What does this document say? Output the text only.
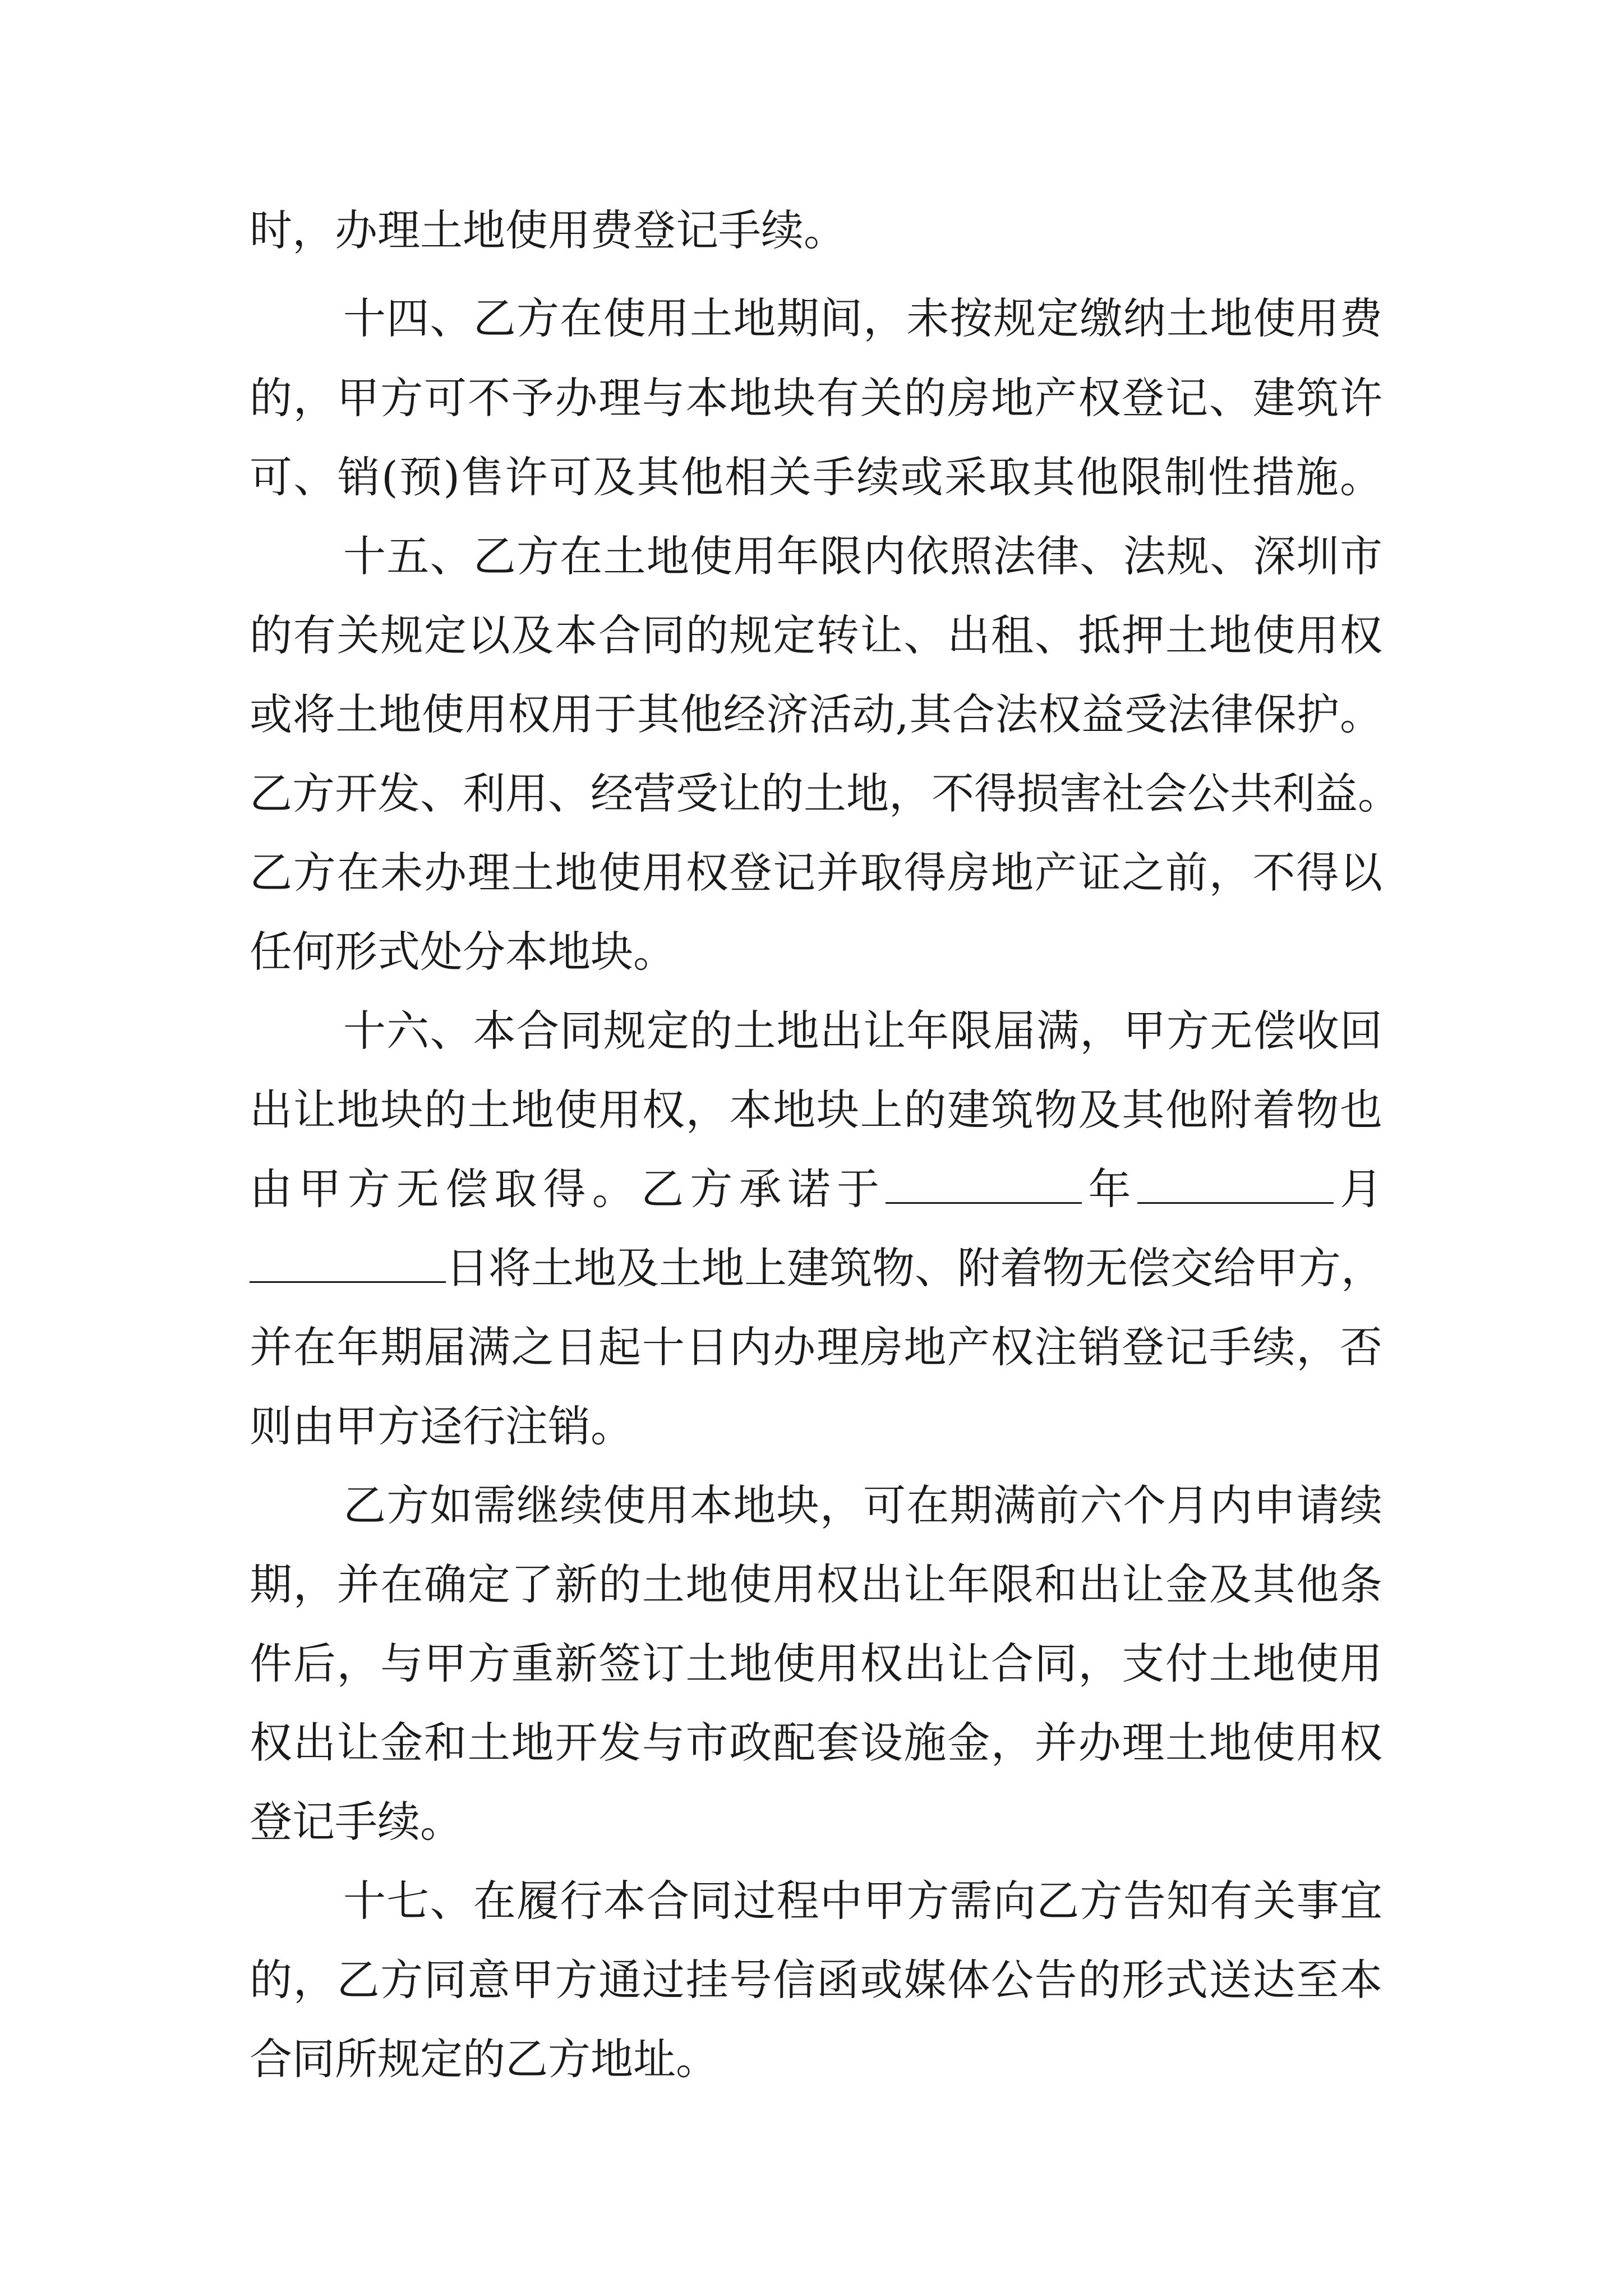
时，办理土地使用费登记手续。
十四、乙方在使用土地期间，未按规定缴纳土地使用费
的，甲方可不予办理与本地块有关的房地产权登记、建筑许
可、销(预)售许可及其他相关手续或采取其他限制性措施。
十五、乙方在土地使用年限内依照法律、法规、深圳市
的有关规定以及本合同的规定转让、出租、抵押土地使用权
或将土地使用权用于其他经济活动,其合法权益受法律保护。
乙方开发、利用、经营受让的土地，不得损害社会公共利益。
乙方在未办理土地使用权登记并取得房地产证之前，不得以
任何形式处分本地块。
十六、本合同规定的土地出让年限届满，甲方无偿收回
出让地块的土地使用权，本地块上的建筑物及其他附着物也
由甲方无偿取得。乙方承诺于	年	月
日将土地及土地上建筑物、附着物无偿交给甲方，
并在年期届满之日起十日内办理房地产权注销登记手续，否
则由甲方迳行注销。
乙方如需继续使用本地块，可在期满前六个月内申请续
期，并在确定了新的土地使用权出让年限和出让金及其他条
件后，与甲方重新签订土地使用权出让合同，支付土地使用
权出让金和土地开发与市政配套设施金，并办理土地使用权
登记手续。
十七、在履行本合同过程中甲方需向乙方告知有关事宜
的，乙方同意甲方通过挂号信函或媒体公告的形式送达至本
合同所规定的乙方地址。
